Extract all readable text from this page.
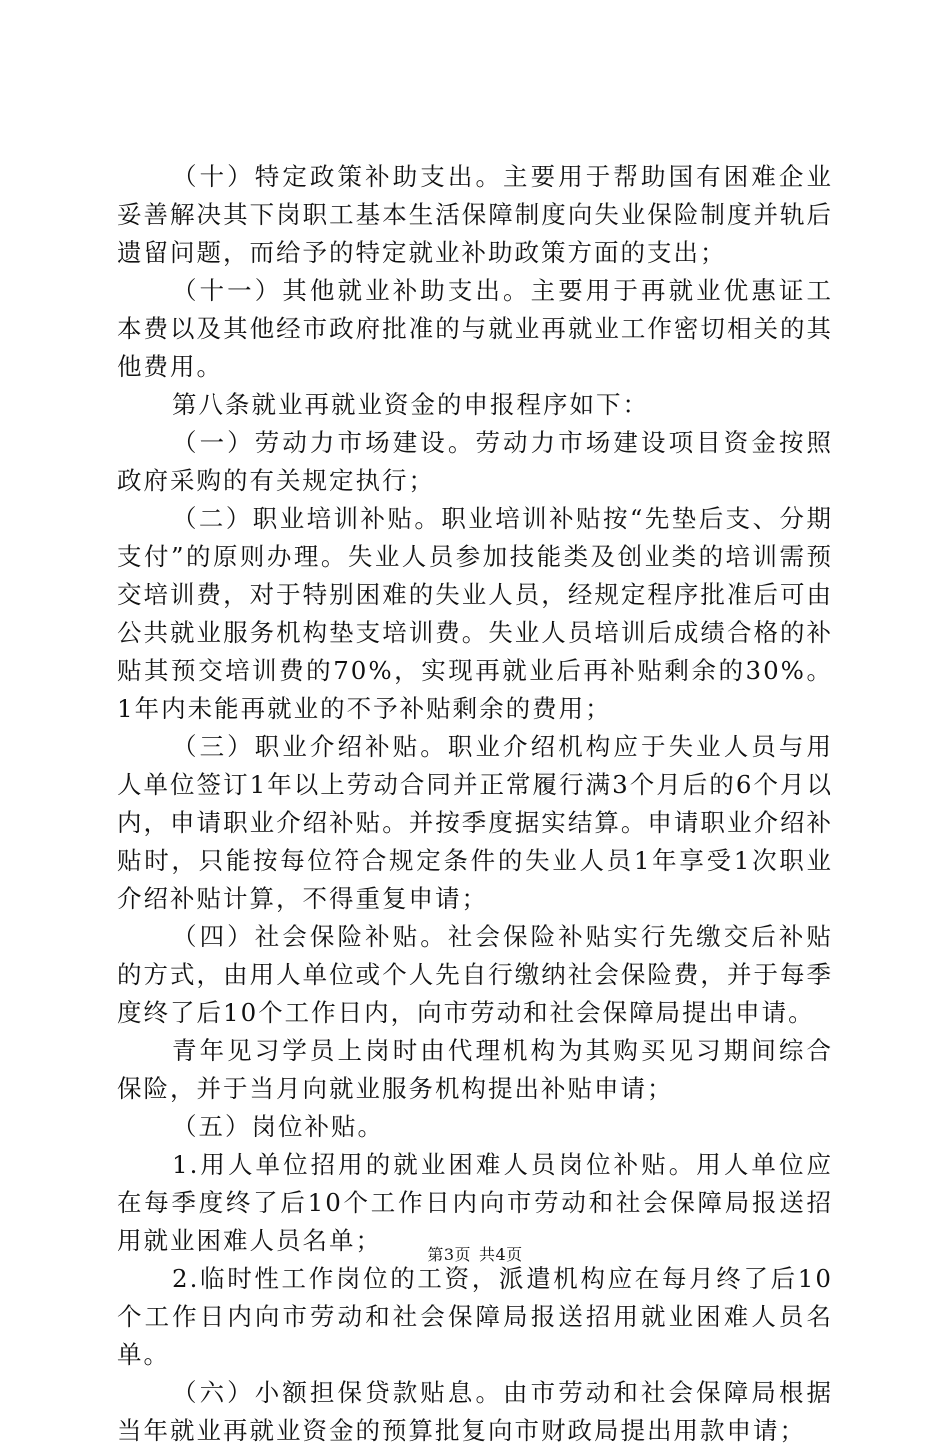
（十）特定政策补助支出。主要用于帮助国有困难企业妥善解决其下岗职工基本生活保障制度向失业保险制度并轨后遗留问题，而给予的特定就业补助政策方面的支出；

（十一）其他就业补助支出。主要用于再就业优惠证工本费以及其他经市政府批准的与就业再就业工作密切相关的其他费用。

第八条就业再就业资金的申报程序如下：

（一）劳动力市场建设。劳动力市场建设项目资金按照政府采购的有关规定执行；

（二）职业培训补贴。职业培训补贴按“先垫后支、分期支付”的原则办理。失业人员参加技能类及创业类的培训需预交培训费，对于特别困难的失业人员，经规定程序批准后可由公共就业服务机构垫支培训费。失业人员培训后成绩合格的补贴其预交培训费的70%，实现再就业后再补贴剩余的30%。1年内未能再就业的不予补贴剩余的费用；

（三）职业介绍补贴。职业介绍机构应于失业人员与用人单位签订1年以上劳动合同并正常履行满3个月后的6个月以内，申请职业介绍补贴。并按季度据实结算。申请职业介绍补贴时，只能按每位符合规定条件的失业人员1年享受1次职业介绍补贴计算，不得重复申请；

（四）社会保险补贴。社会保险补贴实行先缴交后补贴的方式，由用人单位或个人先自行缴纳社会保险费，并于每季度终了后10个工作日内，向市劳动和社会保障局提出申请。

青年见习学员上岗时由代理机构为其购买见习期间综合保险，并于当月向就业服务机构提出补贴申请；

（五）岗位补贴。

1.用人单位招用的就业困难人员岗位补贴。用人单位应在每季度终了后10个工作日内向市劳动和社会保障局报送招用就业困难人员名单；

2.临时性工作岗位的工资，派遣机构应在每月终了后10个工作日内向市劳动和社会保障局报送招用就业困难人员名单。

（六）小额担保贷款贴息。由市劳动和社会保障局根据当年就业再就业资金的预算批复向市财政局提出用款申请；

第3页 共4页
